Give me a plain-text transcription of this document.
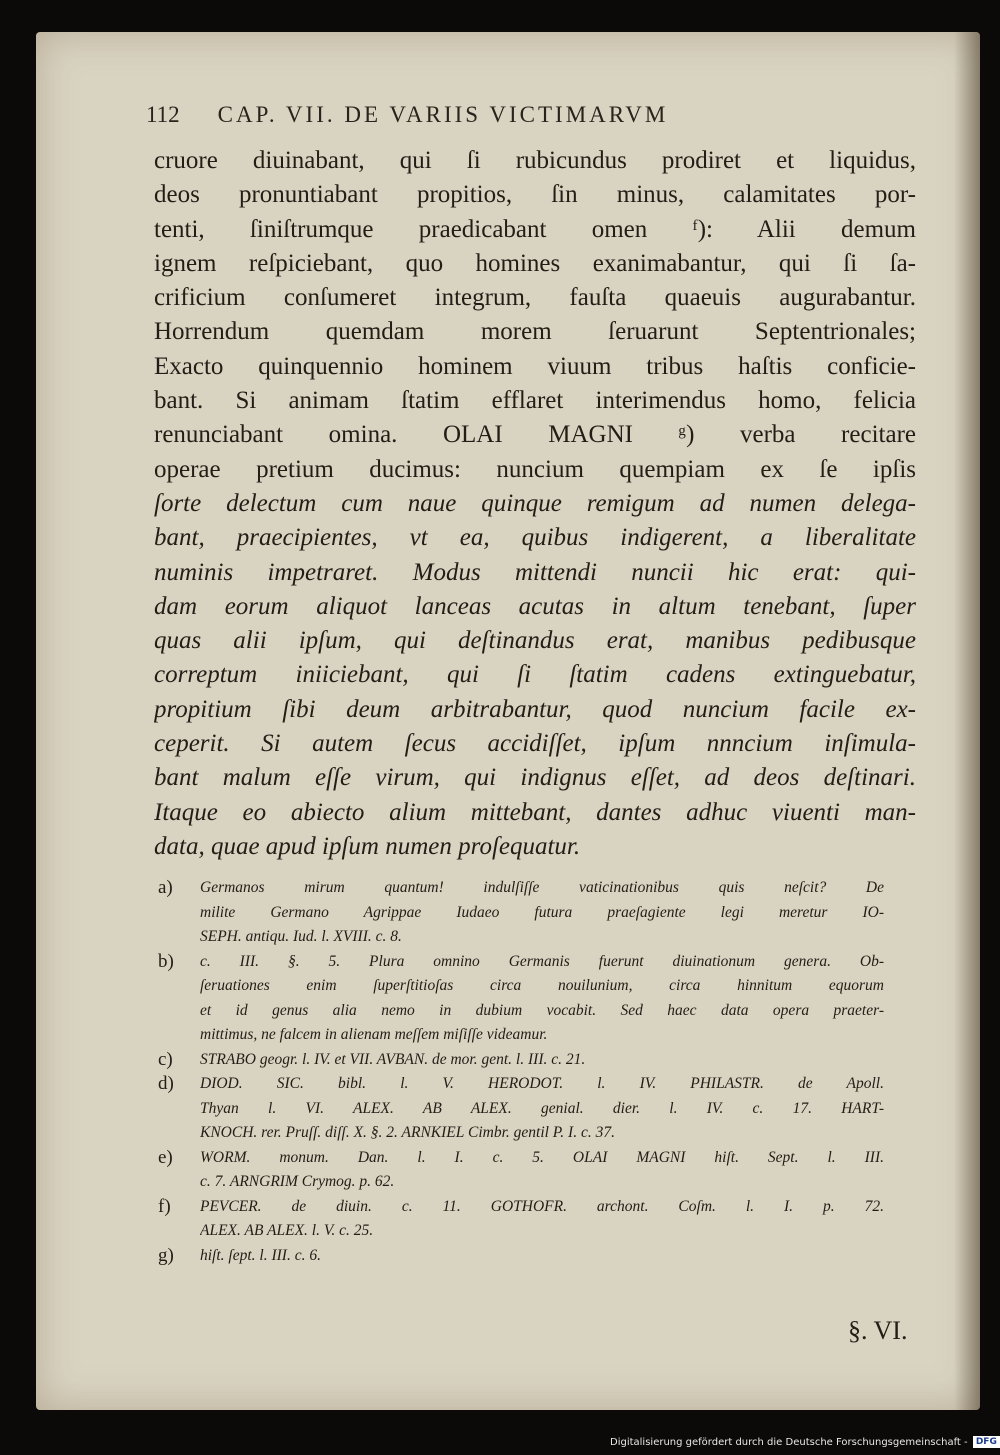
112 CAP. VII. DE VARIIS VICTIMARVM
cruore diuinabant, qui ſi rubicundus prodiret et liquidus,
deos pronuntiabant propitios, ſin minus, calamitates por-
tenti, ſiniſtrumque praedicabant omen ᶠ): Alii demum
ignem reſpiciebant, quo homines exanimabantur, qui ſi ſa-
crificium conſumeret integrum, fauſta quaeuis augurabantur.
Horrendum quemdam morem ſeruarunt Septentrionales;
Exacto quinquennio hominem viuum tribus haſtis conficie-
bant. Si animam ſtatim efflaret interimendus homo, felicia
renunciabant omina. OLAI MAGNI ᵍ) verba recitare
operae pretium ducimus: nuncium quempiam ex ſe ipſis
ſorte delectum cum naue quinque remigum ad numen delega-
bant, praecipientes, vt ea, quibus indigerent, a liberalitate
numinis impetraret. Modus mittendi nuncii hic erat: qui-
dam eorum aliquot lanceas acutas in altum tenebant, ſuper
quas alii ipſum, qui deſtinandus erat, manibus pedibusque
correptum iniiciebant, qui ſi ſtatim cadens extinguebatur,
propitium ſibi deum arbitrabantur, quod nuncium facile ex-
ceperit. Si autem ſecus accidiſſet, ipſum nnncium inſimula-
bant malum eſſe virum, qui indignus eſſet, ad deos deſtinari.
Itaque eo abiecto alium mittebant, dantes adhuc viuenti man-
data, quae apud ipſum numen proſequatur.
a)	Germanos mirum quantum! indulſiſſe vaticinationibus quis neſcit? De
milite Germano Agrippae Iudaeo futura praeſagiente legi meretur IO-
SEPH. antiqu. Iud. l. XVIII. c. 8.
b)	c. III. §. 5. Plura omnino Germanis fuerunt diuinationum genera. Ob-
ſeruationes enim ſuperſtitioſas circa nouilunium, circa hinnitum equorum
et id genus alia nemo in dubium vocabit. Sed haec data opera praeter-
mittimus, ne falcem in alienam meſſem miſiſſe videamur.
c)	STRABO geogr. l. IV. et VII. AVBAN. de mor. gent. l. III. c. 21.
d)	DIOD. SIC. bibl. l. V. HERODOT. l. IV. PHILASTR. de Apoll.
Thyan l. VI. ALEX. AB ALEX. genial. dier. l. IV. c. 17. HART-
KNOCH. rer. Pruſſ. diſſ. X. §. 2. ARNKIEL Cimbr. gentil P. I. c. 37.
e)	WORM. monum. Dan. l. I. c. 5. OLAI MAGNI hiſt. Sept. l. III.
c. 7. ARNGRIM Crymog. p. 62.
f)	PEVCER. de diuin. c. 11. GOTHOFR. archont. Coſm. l. I. p. 72.
ALEX. AB ALEX. l. V. c. 25.
g)	hiſt. ſept. l. III. c. 6.
§. VI.
Digitalisierung gefördert durch die Deutsche Forschungsgemeinschaft - DFG
